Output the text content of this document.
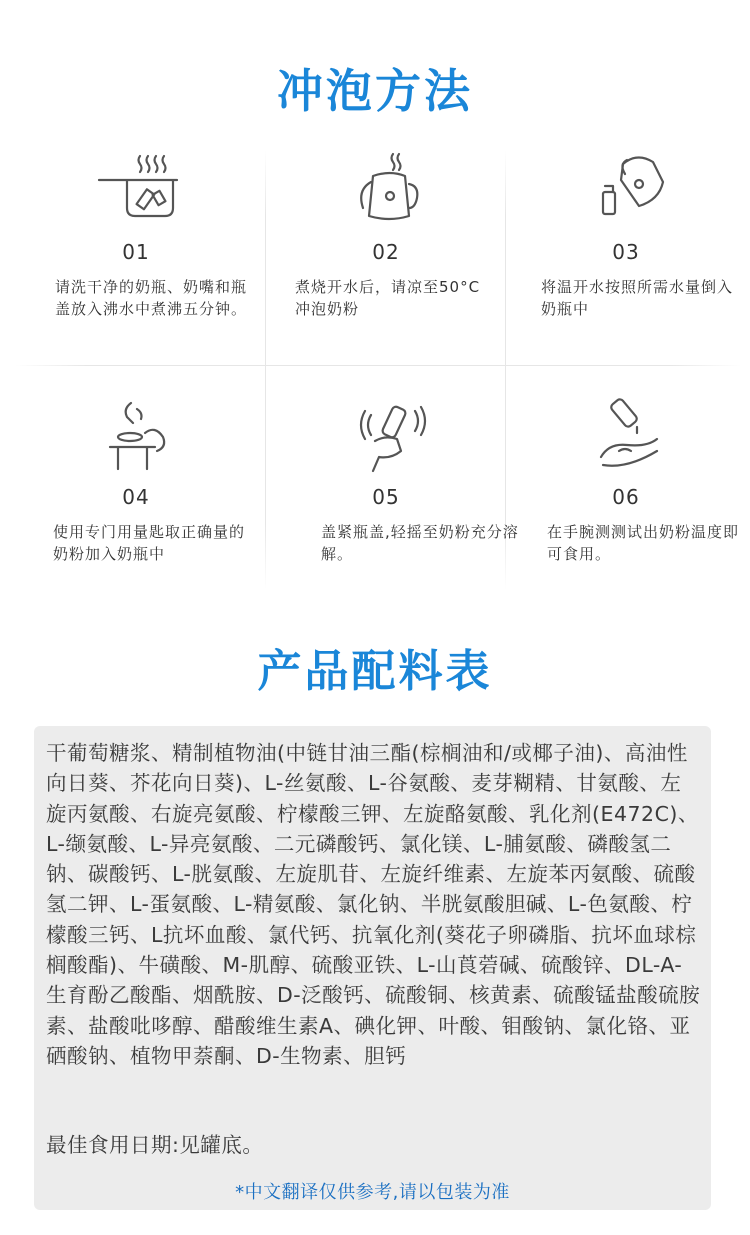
冲泡方法
01
请洗干净的奶瓶、奶嘴和瓶盖放入沸水中煮沸五分钟。
02
煮烧开水后，请凉至50°C冲泡奶粉
03
将温开水按照所需水量倒入奶瓶中
04
使用专门用量匙取正确量的奶粉加入奶瓶中
05
盖紧瓶盖,轻摇至奶粉充分溶解。
06
在手腕测测试出奶粉温度即可食用。
产品配料表
干葡萄糖浆、精制植物油(中链甘油三酯(棕榈油和/或椰子油)、高油性向日葵、芥花向日葵)、L-丝氨酸、L-谷氨酸、麦芽糊精、甘氨酸、左旋丙氨酸、右旋亮氨酸、柠檬酸三钾、左旋酪氨酸、乳化剂(E472C)、L-缬氨酸、L-异亮氨酸、二元磷酸钙、氯化镁、L-脯氨酸、磷酸氢二钠、碳酸钙、L-胱氨酸、左旋肌苷、左旋纤维素、左旋苯丙氨酸、硫酸氢二钾、L-蛋氨酸、L-精氨酸、氯化钠、半胱氨酸胆碱、L-色氨酸、柠檬酸三钙、L抗坏血酸、氯代钙、抗氧化剂(葵花子卵磷脂、抗坏血球棕榈酸酯)、牛磺酸、M-肌醇、硫酸亚铁、L-山莨菪碱、硫酸锌、DL-A-生育酚乙酸酯、烟酰胺、D-泛酸钙、硫酸铜、核黄素、硫酸锰盐酸硫胺素、盐酸吡哆醇、醋酸维生素A、碘化钾、叶酸、钼酸钠、氯化铬、亚硒酸钠、植物甲萘酮、D-生物素、胆钙
最佳食用日期:见罐底。
*中文翻译仅供参考,请以包装为准
